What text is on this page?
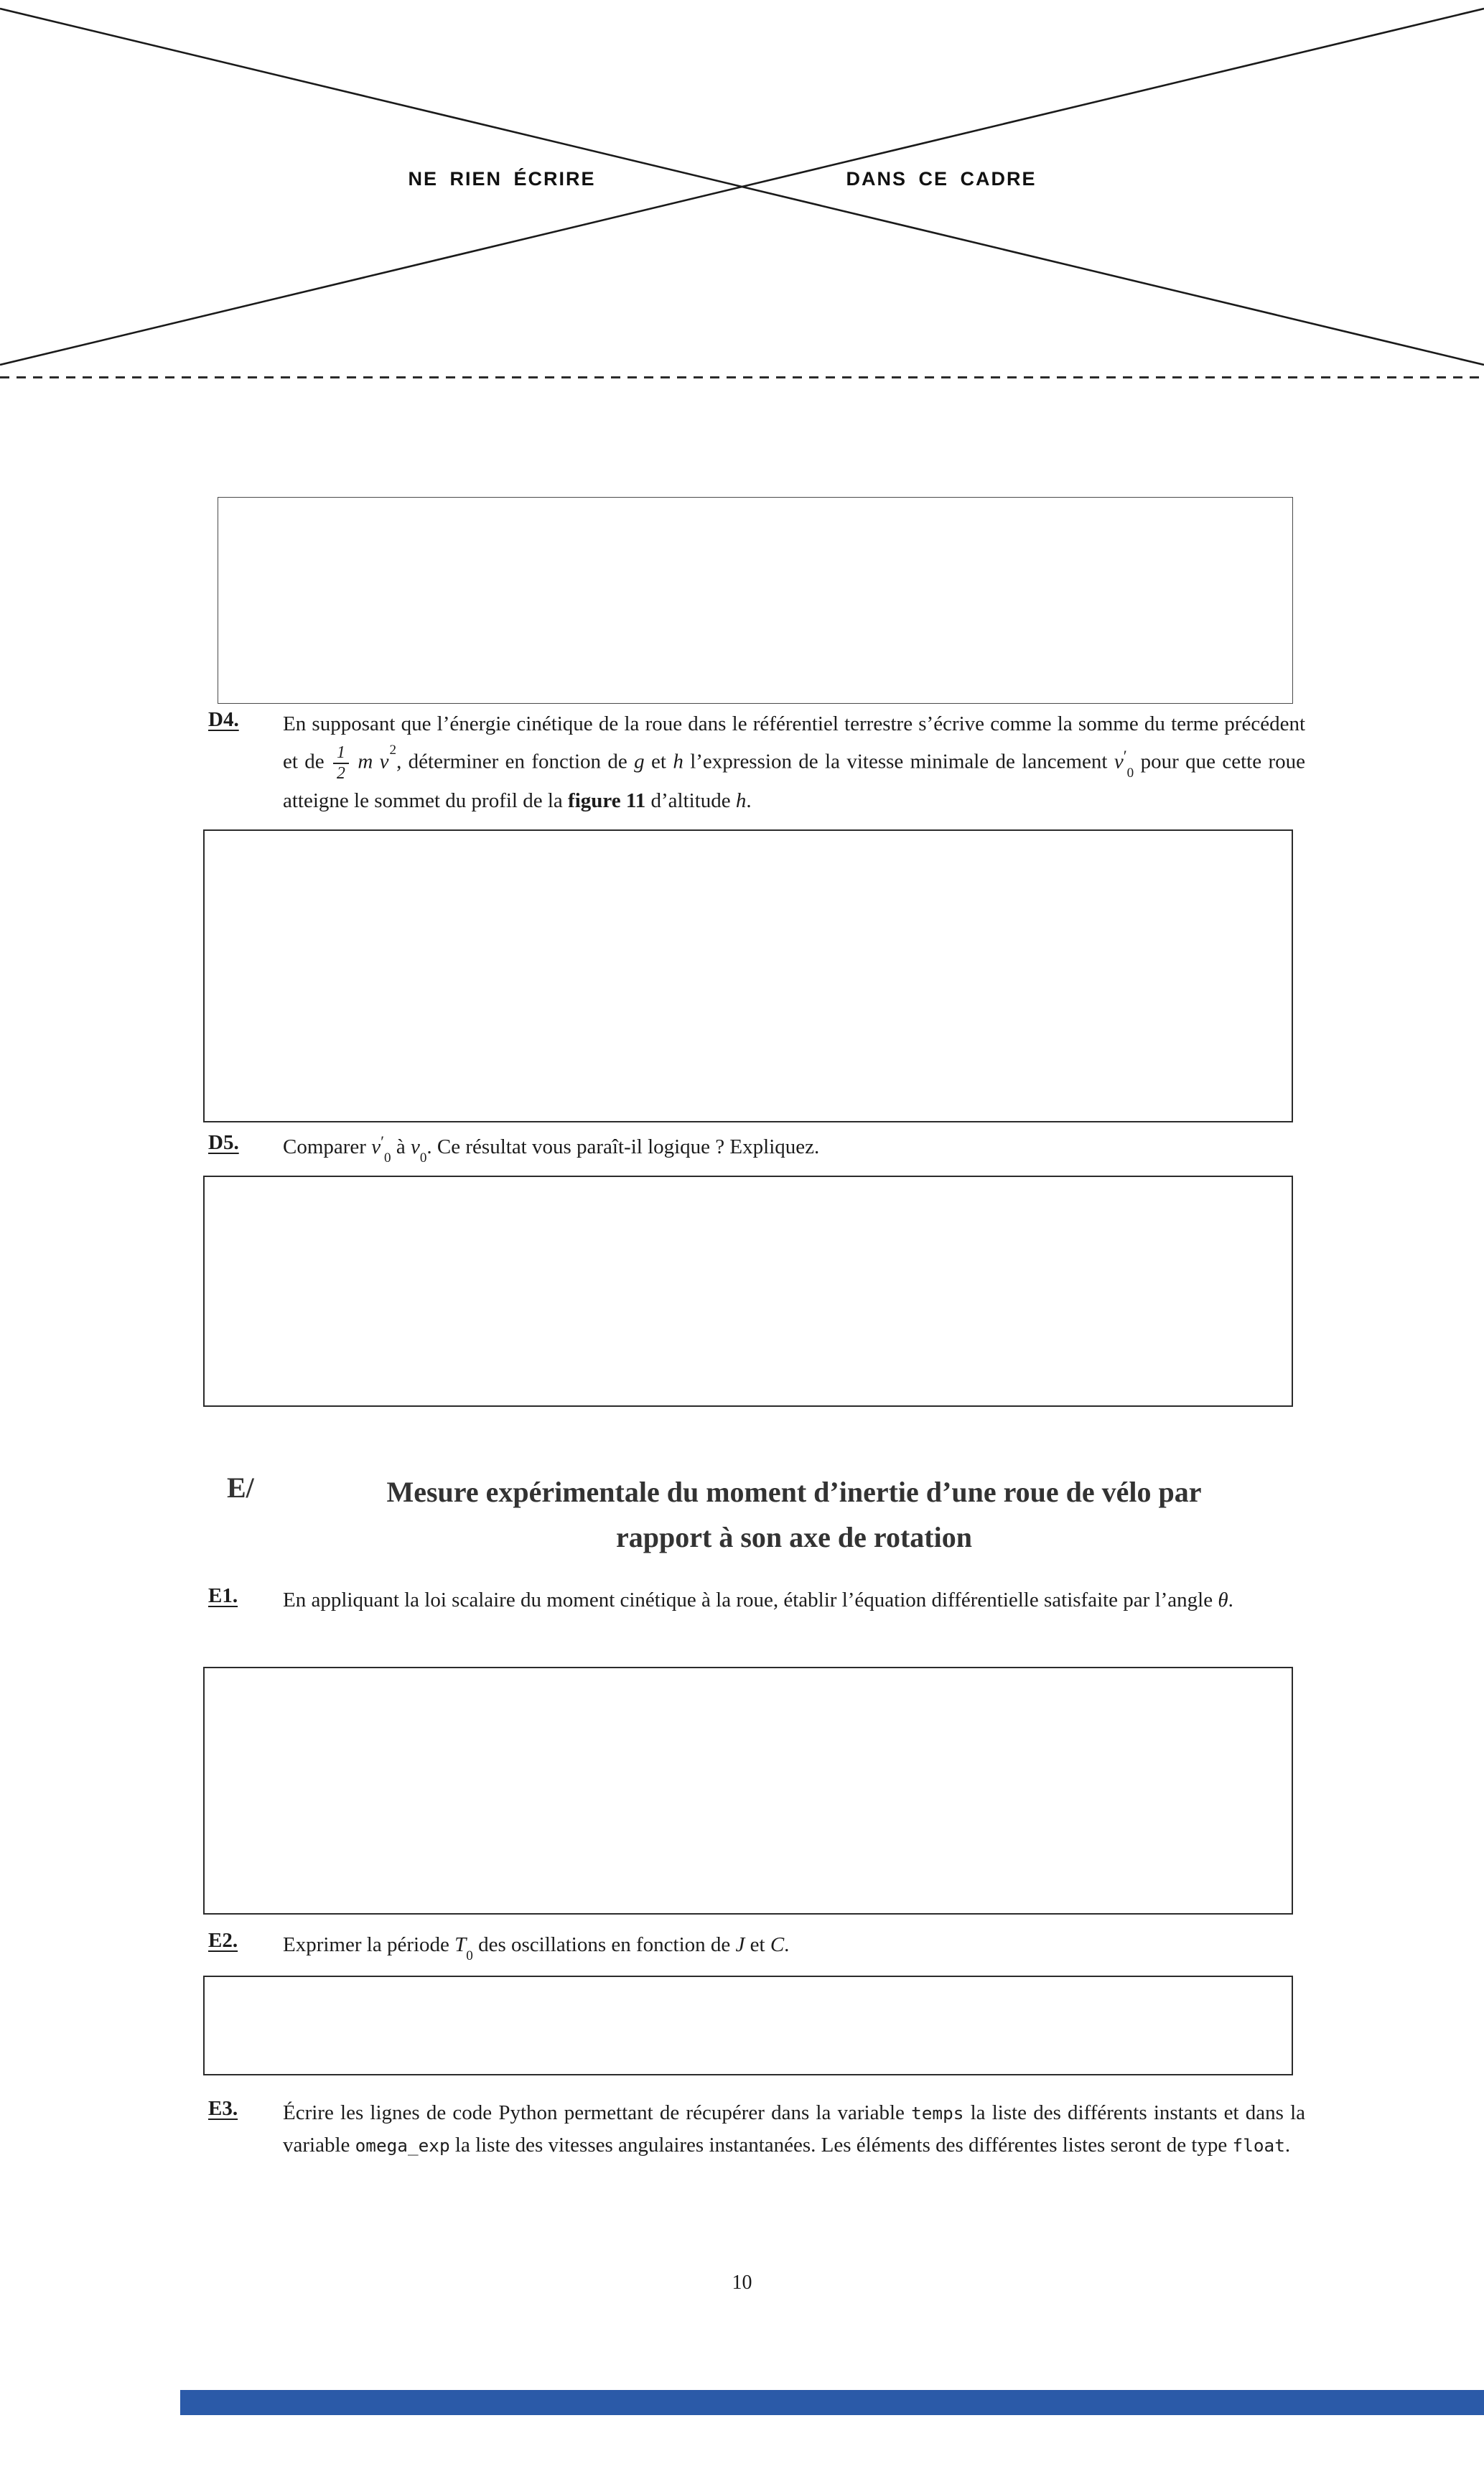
NE RIEN ÉCRIRE	DANS CE CADRE
D4. En supposant que l’énergie cinétique de la roue dans le référentiel terrestre s’écrive comme la somme du terme précédent et de $\frac{1}{2}$ m $v^2$, déterminer en fonction de g et h l’expression de la vitesse minimale de lancement $v'_0$ pour que cette roue atteigne le sommet du profil de la figure 11 d’altitude h.
D5. Comparer $v'_0$ à $v_0$. Ce résultat vous paraît-il logique ? Expliquez.
E/	Mesure expérimentale du moment d’inertie d’une roue de vélo par
rapport à son axe de rotation
E1. En appliquant la loi scalaire du moment cinétique à la roue, établir l’équation différentielle satisfaite par l’angle θ.
E2. Exprimer la période $T_0$ des oscillations en fonction de J et C.
E3. Écrire les lignes de code Python permettant de récupérer dans la variable temps la liste des différents instants et dans la variable omega_exp la liste des vitesses angulaires instantanées. Les éléments des différentes listes seront de type float.
10
